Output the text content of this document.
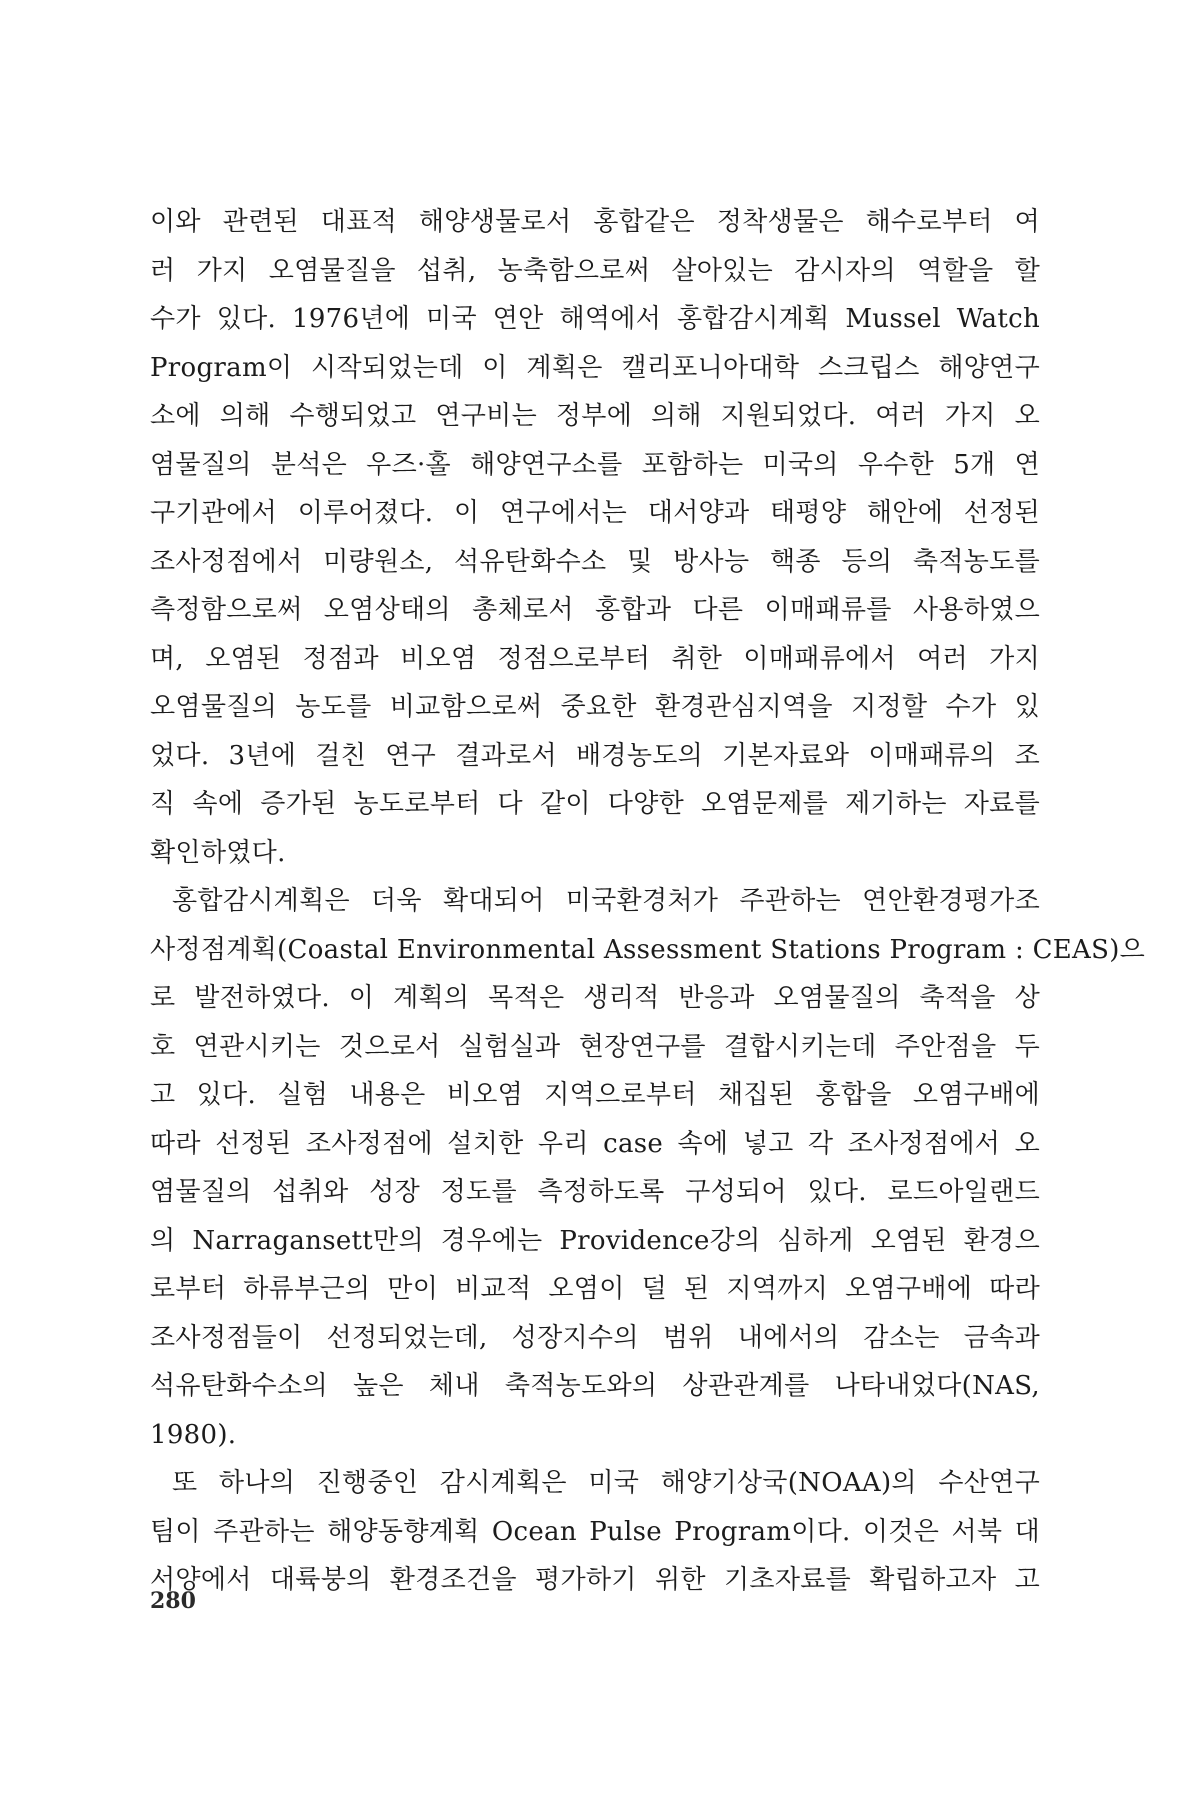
이와 관련된 대표적 해양생물로서 홍합같은 정착생물은 해수로부터 여
러 가지 오염물질을 섭취, 농축함으로써 살아있는 감시자의 역할을 할
수가 있다. 1976년에 미국 연안 해역에서 홍합감시계획 Mussel Watch
Program이 시작되었는데 이 계획은 캘리포니아대학 스크립스 해양연구
소에 의해 수행되었고 연구비는 정부에 의해 지원되었다. 여러 가지 오
염물질의 분석은 우즈·홀 해양연구소를 포함하는 미국의 우수한 5개 연
구기관에서 이루어졌다. 이 연구에서는 대서양과 태평양 해안에 선정된
조사정점에서 미량원소, 석유탄화수소 및 방사능 핵종 등의 축적농도를
측정함으로써 오염상태의 총체로서 홍합과 다른 이매패류를 사용하였으
며, 오염된 정점과 비오염 정점으로부터 취한 이매패류에서 여러 가지
오염물질의 농도를 비교함으로써 중요한 환경관심지역을 지정할 수가 있
었다. 3년에 걸친 연구 결과로서 배경농도의 기본자료와 이매패류의 조
직 속에 증가된 농도로부터 다 같이 다양한 오염문제를 제기하는 자료를
확인하였다.
홍합감시계획은 더욱 확대되어 미국환경처가 주관하는 연안환경평가조
사정점계획(Coastal Environmental Assessment Stations Program : CEAS)으
로 발전하였다. 이 계획의 목적은 생리적 반응과 오염물질의 축적을 상
호 연관시키는 것으로서 실험실과 현장연구를 결합시키는데 주안점을 두
고 있다. 실험 내용은 비오염 지역으로부터 채집된 홍합을 오염구배에
따라 선정된 조사정점에 설치한 우리 case 속에 넣고 각 조사정점에서 오
염물질의 섭취와 성장 정도를 측정하도록 구성되어 있다. 로드아일랜드
의 Narragansett만의 경우에는 Providence강의 심하게 오염된 환경으
로부터 하류부근의 만이 비교적 오염이 덜 된 지역까지 오염구배에 따라
조사정점들이 선정되었는데, 성장지수의 범위 내에서의 감소는 금속과
석유탄화수소의 높은 체내 축적농도와의 상관관계를 나타내었다(NAS,
1980).
또 하나의 진행중인 감시계획은 미국 해양기상국(NOAA)의 수산연구
팀이 주관하는 해양동향계획 Ocean Pulse Program이다. 이것은 서북 대
서양에서 대륙붕의 환경조건을 평가하기 위한 기초자료를 확립하고자 고
280
